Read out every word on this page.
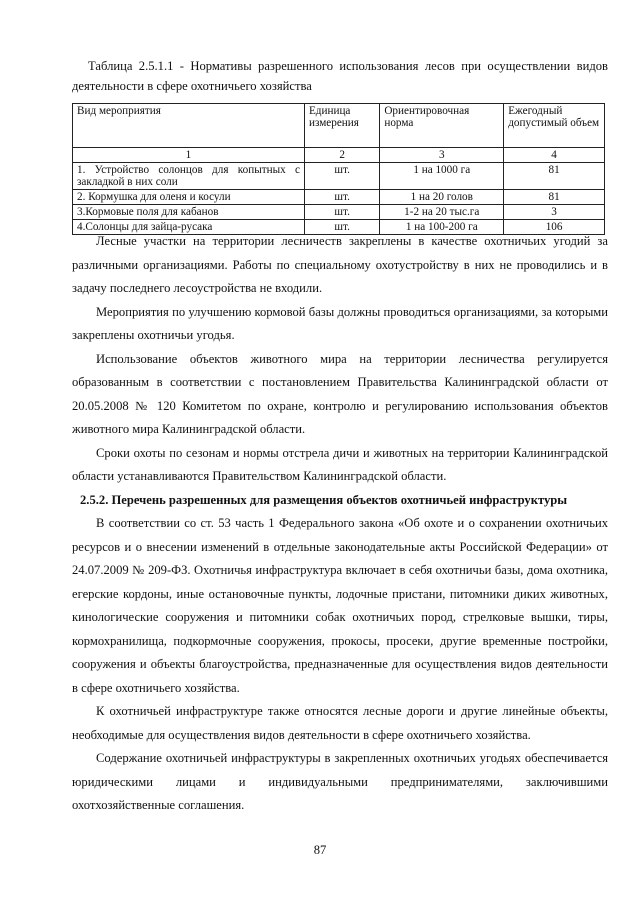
Таблица 2.5.1.1 - Нормативы разрешенного использования лесов при осуществлении видов деятельности в сфере охотничьего хозяйства
Вид мероприятия	Единица измерения	Ориентировочная норма	Ежегодный допустимый объем
1	2	3	4
1. Устройство солонцов для копытных с закладкой в них соли	шт.	1 на 1000 га	81
2. Кормушка для оленя и косули	шт.	1 на 20 голов	81
3.Кормовые поля для кабанов	шт.	1-2 на 20 тыс.га	3
4.Солонцы для зайца-русака	шт.	1 на 100-200 га	106

Лесные участки на территории лесничеств закреплены в качестве охотничьих угодий за различными организациями. Работы по специальному охотустройству в них не проводились и в задачу последнего лесоустройства не входили.

Мероприятия по улучшению кормовой базы должны проводиться организациями, за которыми закреплены охотничьи угодья.

Использование объектов животного мира на территории лесничества регулируется образованным в соответствии с постановлением Правительства Калининградской области от 20.05.2008 № 120 Комитетом по охране, контролю и регулированию использования объектов животного мира Калининградской области.

Сроки охоты по сезонам и нормы отстрела дичи и животных на территории Калининградской области устанавливаются Правительством Калининградской области.

2.5.2. Перечень разрешенных для размещения объектов охотничьей инфраструктуры

В соответствии со ст. 53 часть 1 Федерального закона «Об охоте и о сохранении охотничьих ресурсов и о внесении изменений в отдельные законодательные акты Российской Федерации» от 24.07.2009 № 209-ФЗ. Охотничья инфраструктура включает в себя охотничьи базы, дома охотника, егерские кордоны, иные остановочные пункты, лодочные пристани, питомники диких животных, кинологические сооружения и питомники собак охотничьих пород, стрелковые вышки, тиры, кормохранилища, подкормочные сооружения, прокосы, просеки, другие временные постройки, сооружения и объекты благоустройства, предназначенные для осуществления видов деятельности в сфере охотничьего хозяйства.

К охотничьей инфраструктуре также относятся лесные дороги и другие линейные объекты, необходимые для осуществления видов деятельности в сфере охотничьего хозяйства.

Содержание охотничьей инфраструктуры в закрепленных охотничьих угодьях обеспечивается юридическими лицами и индивидуальными предпринимателями, заключившими охотхозяйственные соглашения.

87
